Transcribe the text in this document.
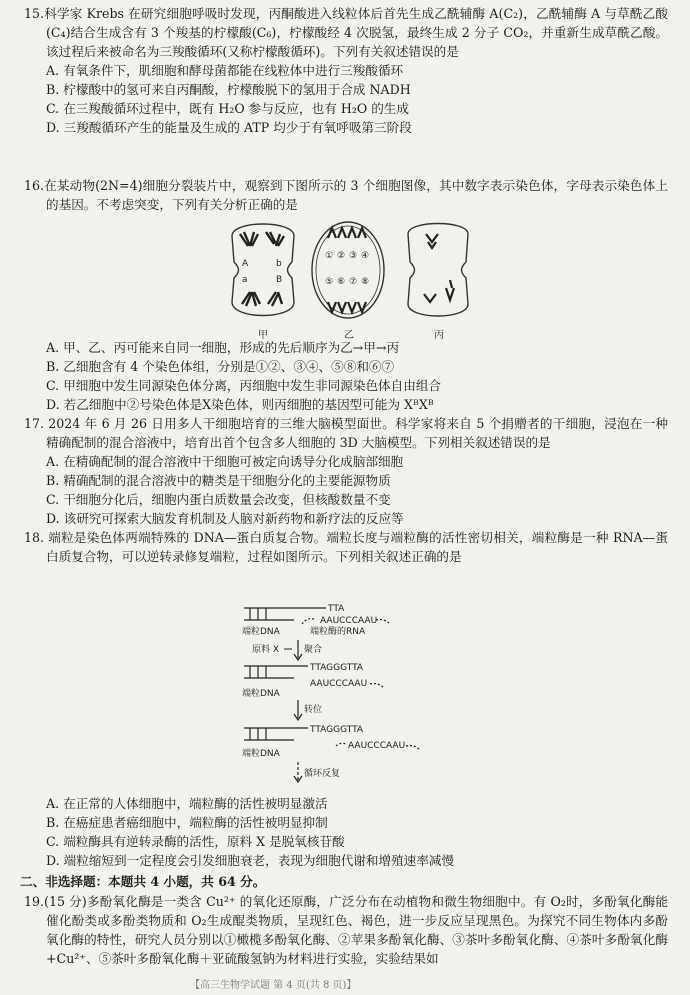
15.科学家 Krebs 在研究细胞呼吸时发现，丙酮酸进入线粒体后首先生成乙酰辅酶 A(C₂)，乙酰辅酶 A 与草酰乙酸(C₄)结合生成含有 3 个羧基的柠檬酸(C₆)，柠檬酸经 4 次脱氢，最终生成 2 分子 CO₂，并重新生成草酰乙酸。该过程后来被命名为三羧酸循环(又称柠檬酸循环)。下列有关叙述错误的是
A. 有氧条件下，肌细胞和酵母菌都能在线粒体中进行三羧酸循环
B. 柠檬酸中的氢可来自丙酮酸，柠檬酸脱下的氢用于合成 NADH
C. 在三羧酸循环过程中，既有 H₂O 参与反应，也有 H₂O 的生成
D. 三羧酸循环产生的能量及生成的 ATP 均少于有氧呼吸第三阶段
16.在某动物(2N=4)细胞分裂装片中，观察到下图所示的 3 个细胞图像，其中数字表示染色体，字母表示染色体上的基因。不考虑突变，下列有关分析正确的是
A
a
b
B
甲
① ② ③ ④
⑤ ⑥ ⑦ ⑧
乙	丙
A. 甲、乙、丙可能来自同一细胞，形成的先后顺序为乙→甲→丙
B. 乙细胞含有 4 个染色体组，分别是①②、③④、⑤⑧和⑥⑦
C. 甲细胞中发生同源染色体分离，丙细胞中发生非同源染色体自由组合
D. 若乙细胞中②号染色体是X染色体，则丙细胞的基因型可能为 XᴮXᴮ
17. 2024 年 6 月 26 日用多人干细胞培育的三维大脑模型面世。科学家将来自 5 个捐赠者的干细胞，浸泡在一种精确配制的混合溶液中，培育出首个包含多人细胞的 3D 大脑模型。下列相关叙述错误的是
A. 在精确配制的混合溶液中干细胞可被定向诱导分化成脑部细胞
B. 精确配制的混合溶液中的糖类是干细胞分化的主要能源物质
C. 干细胞分化后，细胞内蛋白质数量会改变，但核酸数量不变
D. 该研究可探索大脑发育机制及人脑对新药物和新疗法的反应等
18. 端粒是染色体两端特殊的 DNA—蛋白质复合物。端粒长度与端粒酶的活性密切相关，端粒酶是一种 RNA—蛋白质复合物，可以逆转录修复端粒，过程如图所示。下列相关叙述正确的是
TTA
AAUCCCAAU
端粒DNA	端粒酶的RNA
原料 X	聚合
TTAGGGTTA
AAUCCCAAU
端粒DNA
转位
TTAGGGTTA
AAUCCCAAU
端粒DNA
循环反复
A. 在正常的人体细胞中，端粒酶的活性被明显激活
B. 在癌症患者癌细胞中，端粒酶的活性被明显抑制
C. 端粒酶具有逆转录酶的活性，原料 X 是脱氧核苷酸
D. 端粒缩短到一定程度会引发细胞衰老，表现为细胞代谢和增殖速率减慢
二、非选择题：本题共 4 小题，共 64 分。
19.(15 分)多酚氧化酶是一类含 Cu²⁺ 的氧化还原酶，广泛分布在动植物和微生物细胞中。有 O₂时，多酚氧化酶能催化酚类或多酚类物质和 O₂生成醌类物质，呈现红色、褐色，进一步反应呈现黑色。为探究不同生物体内多酚氧化酶的特性，研究人员分别以①橄榄多酚氧化酶、②苹果多酚氧化酶、③茶叶多酚氧化酶、④茶叶多酚氧化酶+Cu²⁺、⑤茶叶多酚氧化酶＋亚硫酸氢钠为材料进行实验，实验结果如
【高三生物学试题 第 4 页(共 8 页)】
